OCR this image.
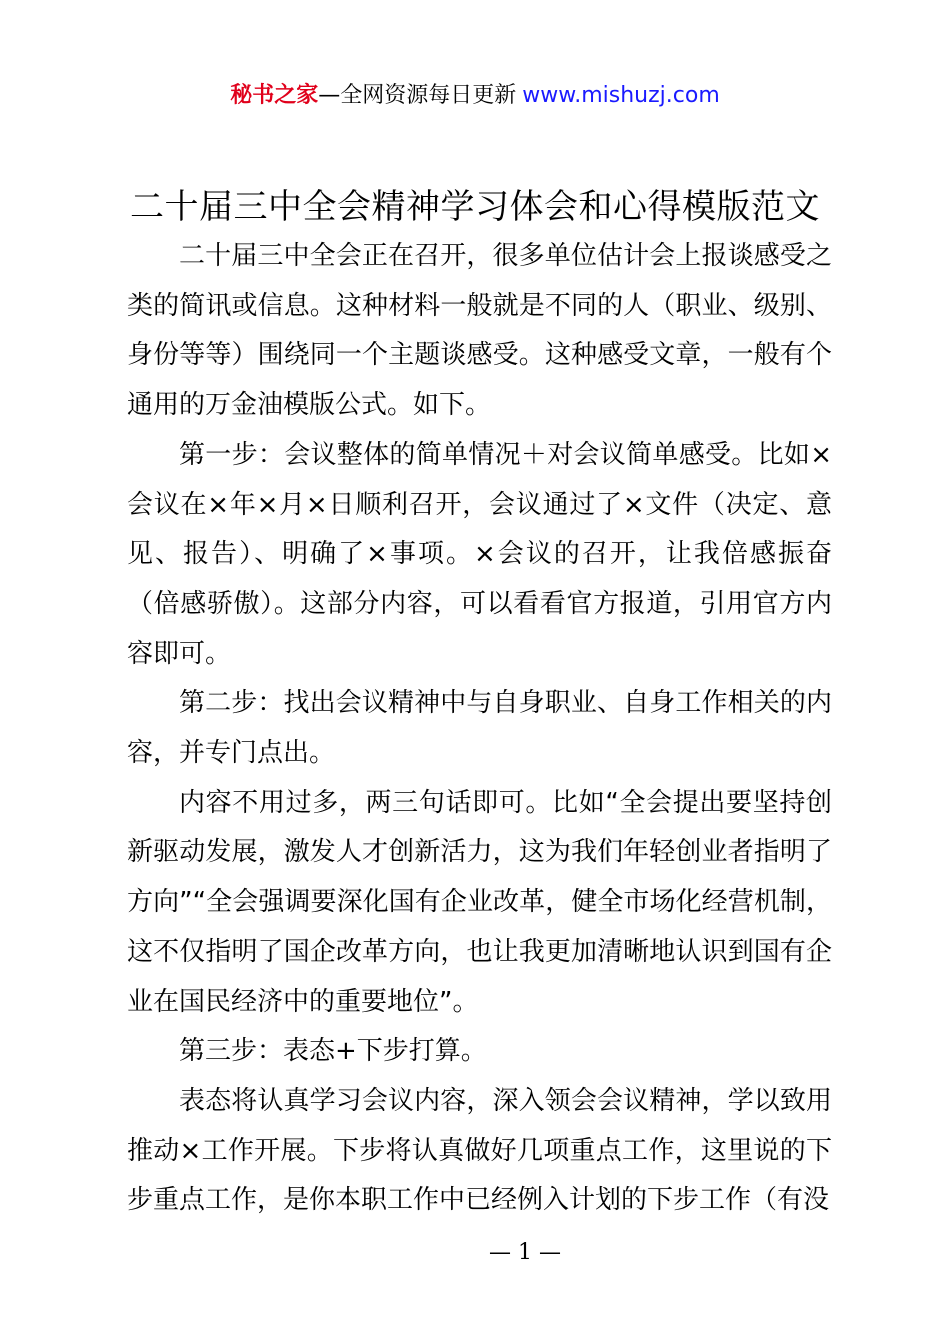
秘书之家—全网资源每日更新 www.mishuzj.com
二十届三中全会精神学习体会和心得模版范文

二十届三中全会正在召开，很多单位估计会上报谈感受之类的简讯或信息。这种材料一般就是不同的人（职业、级别、身份等等）围绕同一个主题谈感受。这种感受文章，一般有个通用的万金油模版公式。如下。

第一步：会议整体的简单情况＋对会议简单感受。比如×会议在×年×月×日顺利召开，会议通过了×文件（决定、意见、报告）、明确了×事项。×会议的召开，让我倍感振奋（倍感骄傲）。这部分内容，可以看看官方报道，引用官方内容即可。

第二步：找出会议精神中与自身职业、自身工作相关的内容，并专门点出。

内容不用过多，两三句话即可。比如“全会提出要坚持创新驱动发展，激发人才创新活力，这为我们年轻创业者指明了方向”“全会强调要深化国有企业改革，健全市场化经营机制，这不仅指明了国企改革方向，也让我更加清晰地认识到国有企业在国民经济中的重要地位”。

第三步：表态+下步打算。

表态将认真学习会议内容，深入领会会议精神，学以致用推动×工作开展。下步将认真做好几项重点工作，这里说的下步重点工作，是你本职工作中已经例入计划的下步工作（有没

— 1 —
